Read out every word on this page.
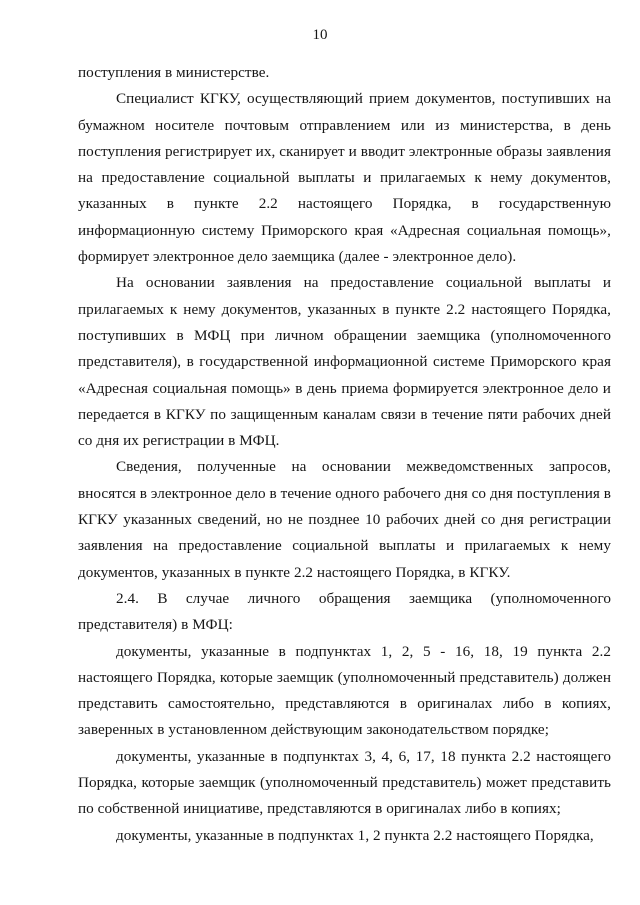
10

поступления в министерстве.

Специалист КГКУ, осуществляющий прием документов, поступивших на бумажном носителе почтовым отправлением или из министерства, в день поступления регистрирует их, сканирует и вводит электронные образы заявления на предоставление социальной выплаты и прилагаемых к нему документов, указанных в пункте 2.2 настоящего Порядка, в государственную информационную систему Приморского края «Адресная социальная помощь», формирует электронное дело заемщика (далее - электронное дело).

На основании заявления на предоставление социальной выплаты и прилагаемых к нему документов, указанных в пункте 2.2 настоящего Порядка, поступивших в МФЦ при личном обращении заемщика (уполномоченного представителя), в государственной информационной системе Приморского края «Адресная социальная помощь» в день приема формируется электронное дело и передается в КГКУ по защищенным каналам связи в течение пяти рабочих дней со дня их регистрации в МФЦ.

Сведения, полученные на основании межведомственных запросов, вносятся в электронное дело в течение одного рабочего дня со дня поступления в КГКУ указанных сведений, но не позднее 10 рабочих дней со дня регистрации заявления на предоставление социальной выплаты и прилагаемых к нему документов, указанных в пункте 2.2 настоящего Порядка, в КГКУ.

2.4. В случае личного обращения заемщика (уполномоченного представителя) в МФЦ:

документы, указанные в подпунктах 1, 2, 5 - 16, 18, 19 пункта 2.2 настоящего Порядка, которые заемщик (уполномоченный представитель) должен представить самостоятельно, представляются в оригиналах либо в копиях, заверенных в установленном действующим законодательством порядке;

документы, указанные в подпунктах 3, 4, 6, 17, 18 пункта 2.2 настоящего Порядка, которые заемщик (уполномоченный представитель) может представить по собственной инициативе, представляются в оригиналах либо в копиях;

документы, указанные в подпунктах 1, 2 пункта 2.2 настоящего Порядка,
